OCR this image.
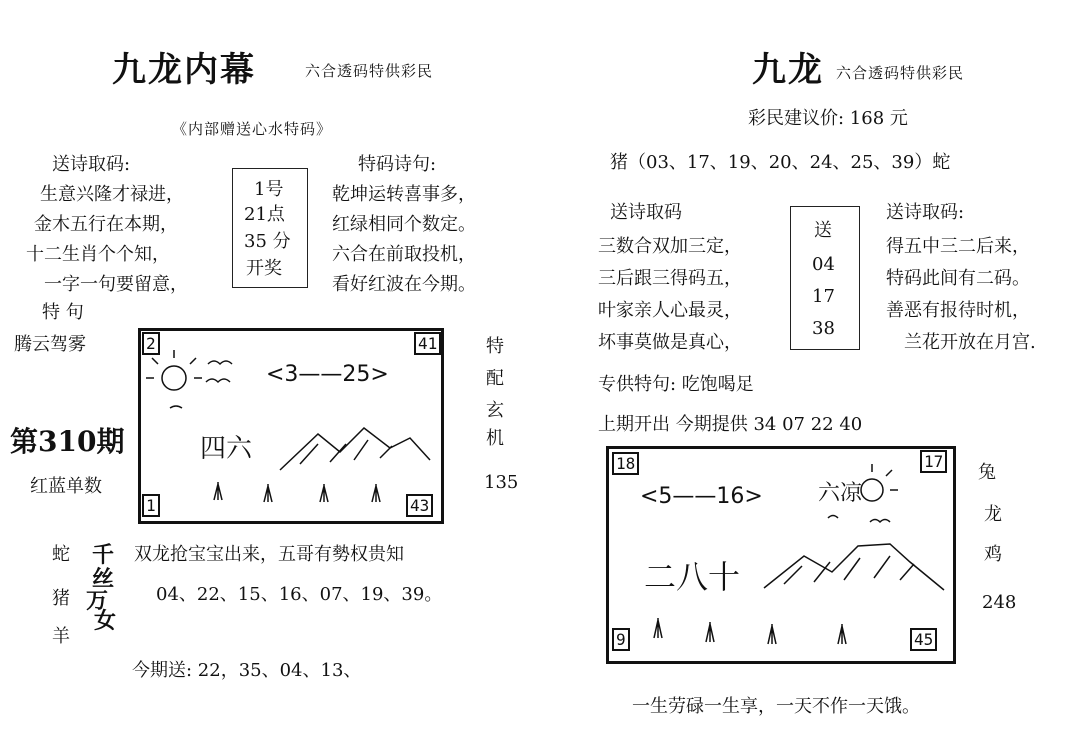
九龙内幕	六合透码特供彩民
《内部赠送心水特码》
送诗取码:
生意兴隆才禄进，
金木五行在本期，
十二生肖个个知，
一字一句要留意，
1号
21点
35 分
开奖
特码诗句:
乾坤运转喜事多，
红绿相同个数定。
六合在前取投机，
看好红波在今期。
特 句
腾云驾雾
第310期
红蓝单数
特
配
玄
机
135
2	41
1	43
<3——25>
四六
蛇
猪
羊
千
丝
万
女
双龙抢宝宝出来，五哥有勢权贵知
04、22、15、16、07、19、39。
今期送: 22，35、04、13、
九龙 六合透码特供彩民
彩民建议价: 168 元
猪（03、17、19、20、24、25、39）蛇
送诗取码
三数合双加三定，
三后跟三得码五，
叶家亲人心最灵，
坏事莫做是真心，
送
04
17
38
送诗取码:
得五中三二后来，
特码此间有二码。
善恶有报待时机，
兰花开放在月宫.
专供特句: 吃饱喝足
上期开出 今期提供 34 07 22 40
18	17
9	45
<5——16>	六凉
二八十
兔
龙
鸡
248
一生劳碌一生享，一天不作一天饿。
